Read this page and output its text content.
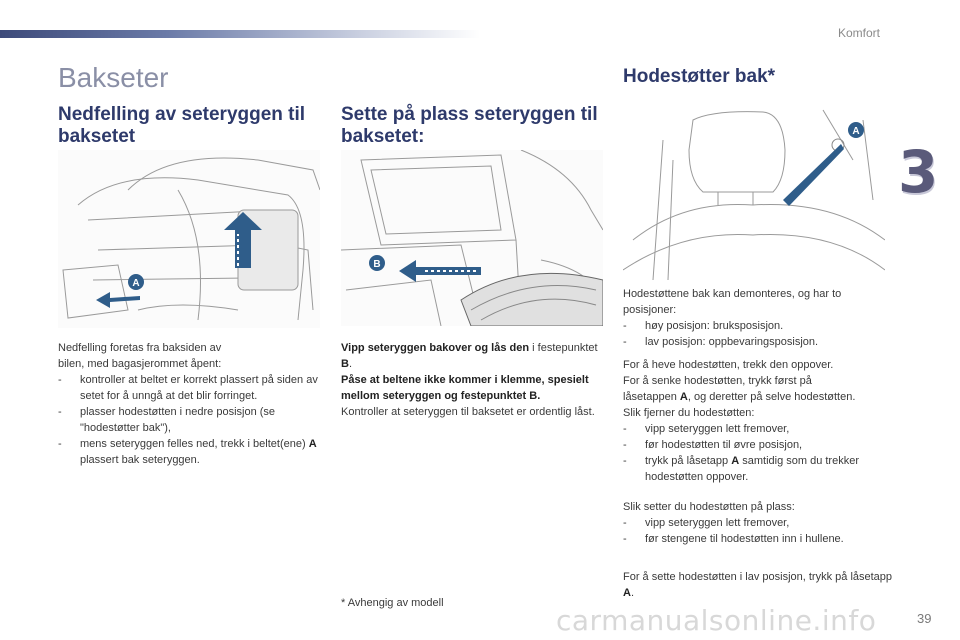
Komfort
3
Bakseter
Nedfelling av seteryggen til baksetet
A

Nedfelling foretas fra baksiden av

bilen, med bagasjerommet åpent:

- kontroller at beltet er korrekt plassert på siden av setet for å unngå at det blir forringet.
- plasser hodestøtten i nedre posisjon (se "hodestøtter bak"),
- mens seteryggen felles ned, trekk i beltet(ene) A plassert bak seteryggen.
Sette på plass seteryggen til baksetet:
B

Vipp seteryggen bakover og lås den i festepunktet B.

Påse at beltene ikke kommer i klemme, spesielt mellom seteryggen og festepunktet B.

Kontroller at seteryggen til baksetet er ordentlig låst.

* Avhengig av modell
Hodestøtter bak*
A

Hodestøttene bak kan demonteres, og har to posisjoner:

- høy posisjon: bruksposisjon.
- lav posisjon: oppbevaringsposisjon.

For å heve hodestøtten, trekk den oppover.

For å senke hodestøtten, trykk først på

låsetappen A, og deretter på selve hodestøtten.

Slik fjerner du hodestøtten:

- vipp seteryggen lett fremover,
- før hodestøtten til øvre posisjon,
- trykk på låsetapp A samtidig som du trekker hodestøtten oppover.

Slik setter du hodestøtten på plass:

- vipp seteryggen lett fremover,
- før stengene til hodestøtten inn i hullene.

For å sette hodestøtten i lav posisjon, trykk på låsetapp A.

carmanualsonline.info	39
